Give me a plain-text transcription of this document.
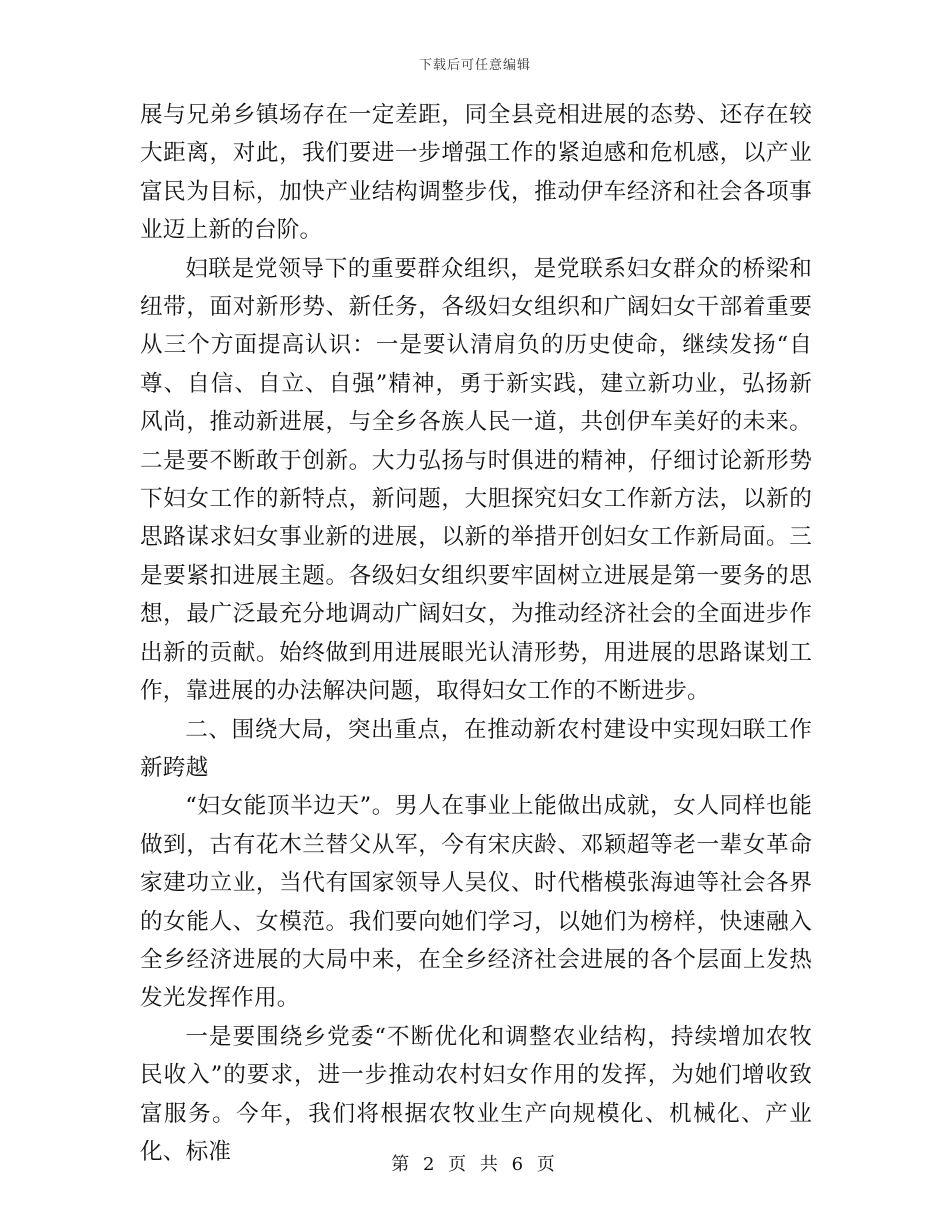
下载后可任意编辑

展与兄弟乡镇场存在一定差距，同全县竞相进展的态势、还存在较大距离，对此，我们要进一步增强工作的紧迫感和危机感，以产业富民为目标，加快产业结构调整步伐，推动伊车经济和社会各项事业迈上新的台阶。

妇联是党领导下的重要群众组织，是党联系妇女群众的桥梁和纽带，面对新形势、新任务，各级妇女组织和广阔妇女干部着重要从三个方面提高认识：一是要认清肩负的历史使命，继续发扬“自尊、自信、自立、自强”精神，勇于新实践，建立新功业，弘扬新风尚，推动新进展，与全乡各族人民一道，共创伊车美好的未来。二是要不断敢于创新。大力弘扬与时俱进的精神，仔细讨论新形势下妇女工作的新特点，新问题，大胆探究妇女工作新方法，以新的思路谋求妇女事业新的进展，以新的举措开创妇女工作新局面。三是要紧扣进展主题。各级妇女组织要牢固树立进展是第一要务的思想，最广泛最充分地调动广阔妇女，为推动经济社会的全面进步作出新的贡献。始终做到用进展眼光认清形势，用进展的思路谋划工作，靠进展的办法解决问题，取得妇女工作的不断进步。

二、围绕大局，突出重点，在推动新农村建设中实现妇联工作新跨越

“妇女能顶半边天”。男人在事业上能做出成就，女人同样也能做到，古有花木兰替父从军，今有宋庆龄、邓颖超等老一辈女革命家建功立业，当代有国家领导人吴仪、时代楷模张海迪等社会各界的女能人、女模范。我们要向她们学习，以她们为榜样，快速融入全乡经济进展的大局中来，在全乡经济社会进展的各个层面上发热发光发挥作用。

一是要围绕乡党委“不断优化和调整农业结构，持续增加农牧民收入”的要求，进一步推动农村妇女作用的发挥，为她们增收致富服务。今年，我们将根据农牧业生产向规模化、机械化、产业化、标准	第 2 页 共 6 页
